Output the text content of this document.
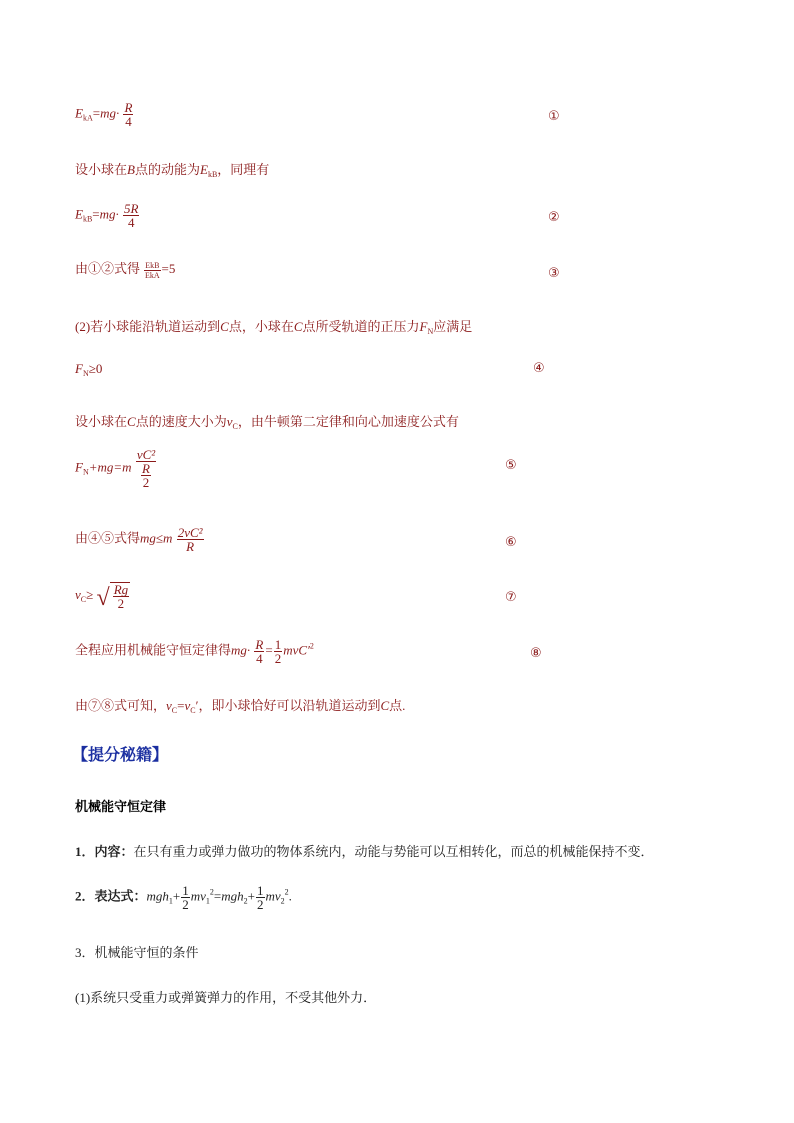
$E_{kA}=mg\cdot \frac{R}{4}$	①
设小球在B点的动能为$E_{kB}$，同理有
$E_{kB}=mg\cdot \frac{5R}{4}$	②
由①②式得 $\frac{\text{EkB}}{\text{EkA}} =5$	③
(2)若小球能沿轨道运动到C点，小球在C点所受轨道的正压力$F_N$应满足
$F_N\ge 0$	④
设小球在C点的速度大小为$v_C$，由牛顿第二定律和向心加速度公式有
$F_N+mg=m \frac{\text{vC²}}{\frac{R}{2}}$	⑤
由④⑤式得$mg\le m \frac{\text{2vC²}}{R}$	⑥
$v_C\ge$ √ $\frac{Rg}{2}$	⑦
全程应用机械能守恒定律得$mg\cdot \frac{R}{4} = \frac{1}{2} mvC'^2$
⑧
由⑦⑧式可知，$v_C=v_C'$，即小球恰好可以沿轨道运动到C点.
【提分秘籍】
机械能守恒定律
1．内容：在只有重力或弹力做功的物体系统内，动能与势能可以互相转化，而总的机械能保持不变．
2．表达式：$mgh_1+ \frac{1}{2} mv_1^2=mgh_2+ \frac{1}{2} mv_2^2$.
3．机械能守恒的条件
(1)系统只受重力或弹簧弹力的作用，不受其他外力．
